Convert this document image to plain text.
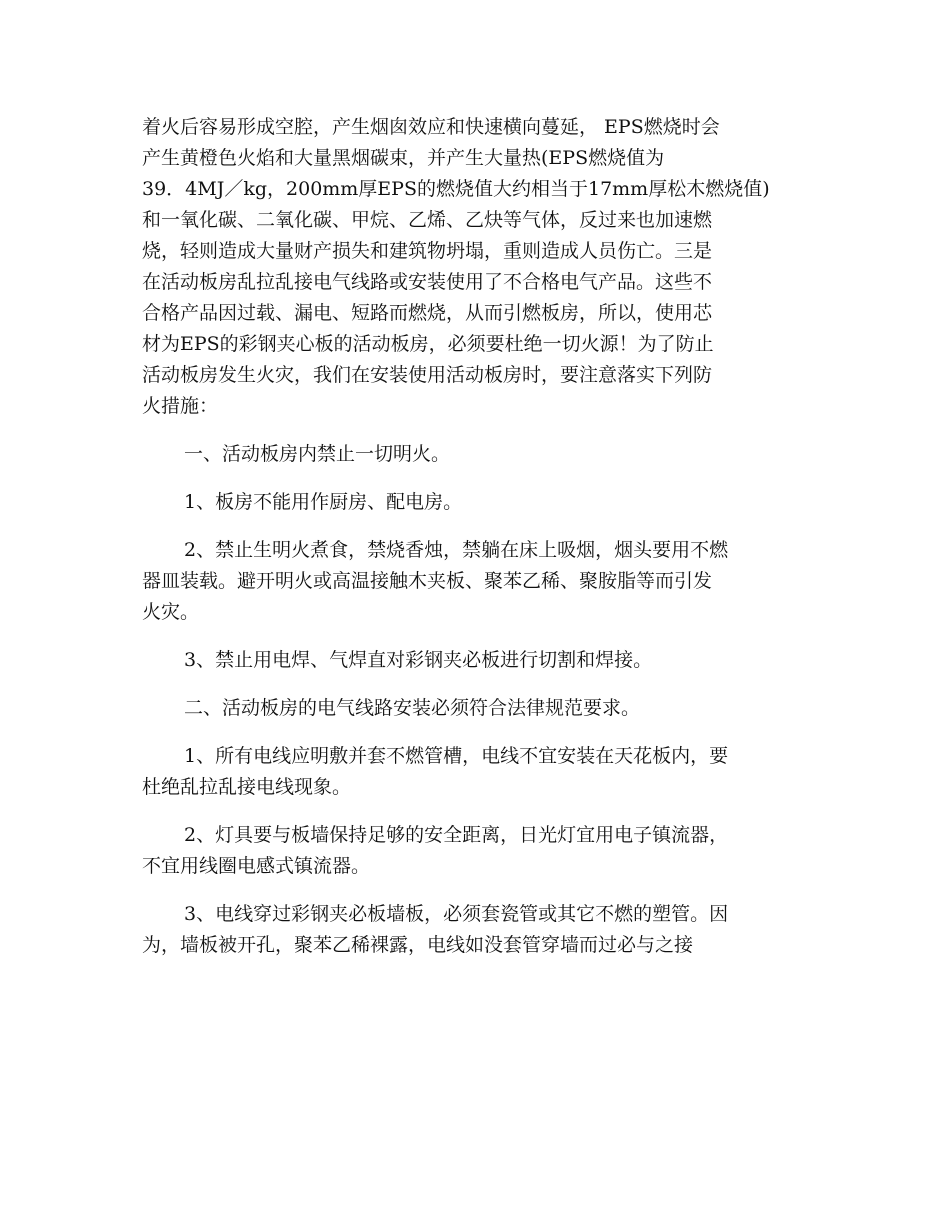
着火后容易形成空腔，产生烟囱效应和快速横向蔓延， EPS燃烧时会
产生黄橙色火焰和大量黑烟碳束，并产生大量热(EPS燃烧值为
39．4MJ／kg，200mm厚EPS的燃烧值大约相当于17mm厚松木燃烧值)
和一氧化碳、二氧化碳、甲烷、乙烯、乙炔等气体，反过来也加速燃
烧，轻则造成大量财产损失和建筑物坍塌，重则造成人员伤亡。三是
在活动板房乱拉乱接电气线路或安装使用了不合格电气产品。这些不
合格产品因过载、漏电、短路而燃烧，从而引燃板房，所以，使用芯
材为EPS的彩钢夹心板的活动板房，必须要杜绝一切火源！为了防止
活动板房发生火灾，我们在安装使用活动板房时，要注意落实下列防
火措施：
一、活动板房内禁止一切明火。
1、板房不能用作厨房、配电房。
2、禁止生明火煮食，禁烧香烛，禁躺在床上吸烟，烟头要用不燃
器皿装载。避开明火或高温接触木夹板、聚苯乙稀、聚胺脂等而引发
火灾。
3、禁止用电焊、气焊直对彩钢夹必板进行切割和焊接。
二、活动板房的电气线路安装必须符合法律规范要求。
1、所有电线应明敷并套不燃管槽，电线不宜安装在天花板内，要
杜绝乱拉乱接电线现象。
2、灯具要与板墙保持足够的安全距离，日光灯宜用电子镇流器，
不宜用线圈电感式镇流器。
3、电线穿过彩钢夹必板墙板，必须套瓷管或其它不燃的塑管。因
为，墙板被开孔，聚苯乙稀裸露，电线如没套管穿墙而过必与之接
